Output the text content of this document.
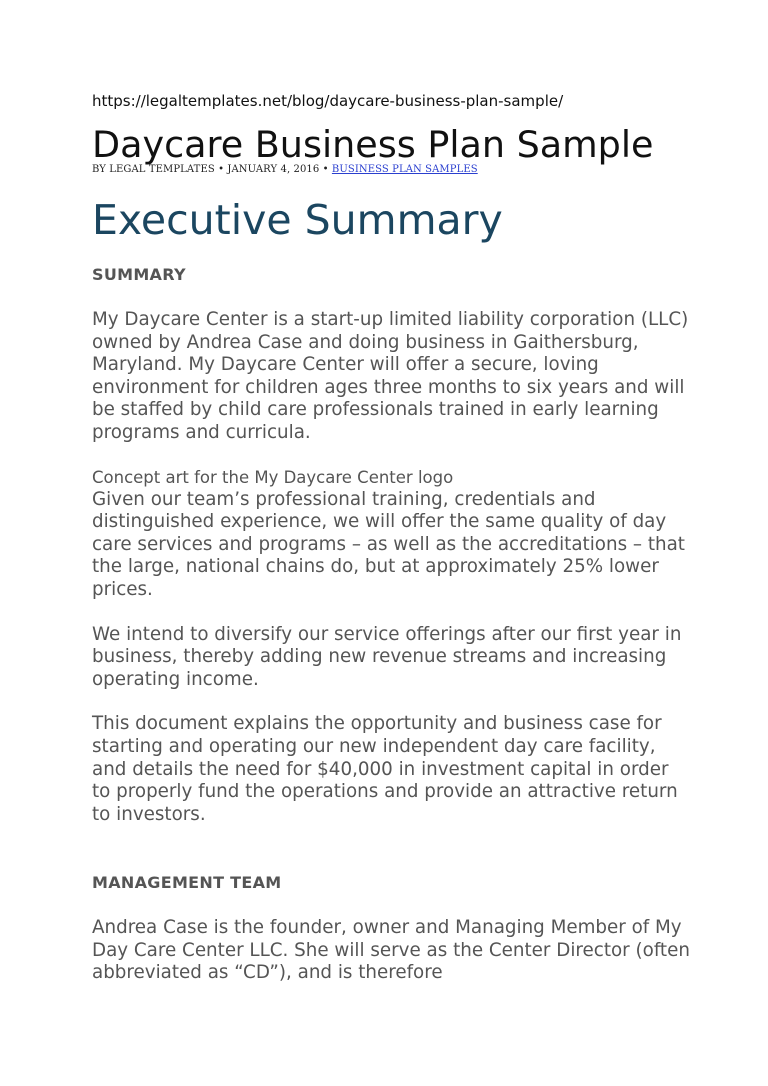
https://legaltemplates.net/blog/daycare-business-plan-sample/
Daycare Business Plan Sample
BY LEGAL TEMPLATES • JANUARY 4, 2016 • BUSINESS PLAN SAMPLES
Executive Summary
SUMMARY

My Daycare Center is a start-up limited liability corporation (LLC) owned by Andrea Case and doing business in Gaithersburg, Maryland. My Daycare Center will offer a secure, loving environment for children ages three months to six years and will be staffed by child care professionals trained in early learning programs and curricula.

Concept art for the My Daycare Center logo

Given our team’s professional training, credentials and distinguished experience, we will offer the same quality of day care services and programs – as well as the accreditations – that the large, national chains do, but at approximately 25% lower prices.

We intend to diversify our service offerings after our first year in business, thereby adding new revenue streams and increasing operating income.

This document explains the opportunity and business case for starting and operating our new independent day care facility, and details the need for $40,000 in investment capital in order to properly fund the operations and provide an attractive return to investors.

MANAGEMENT TEAM

Andrea Case is the founder, owner and Managing Member of My Day Care Center LLC. She will serve as the Center Director (often abbreviated as “CD”), and is therefore
